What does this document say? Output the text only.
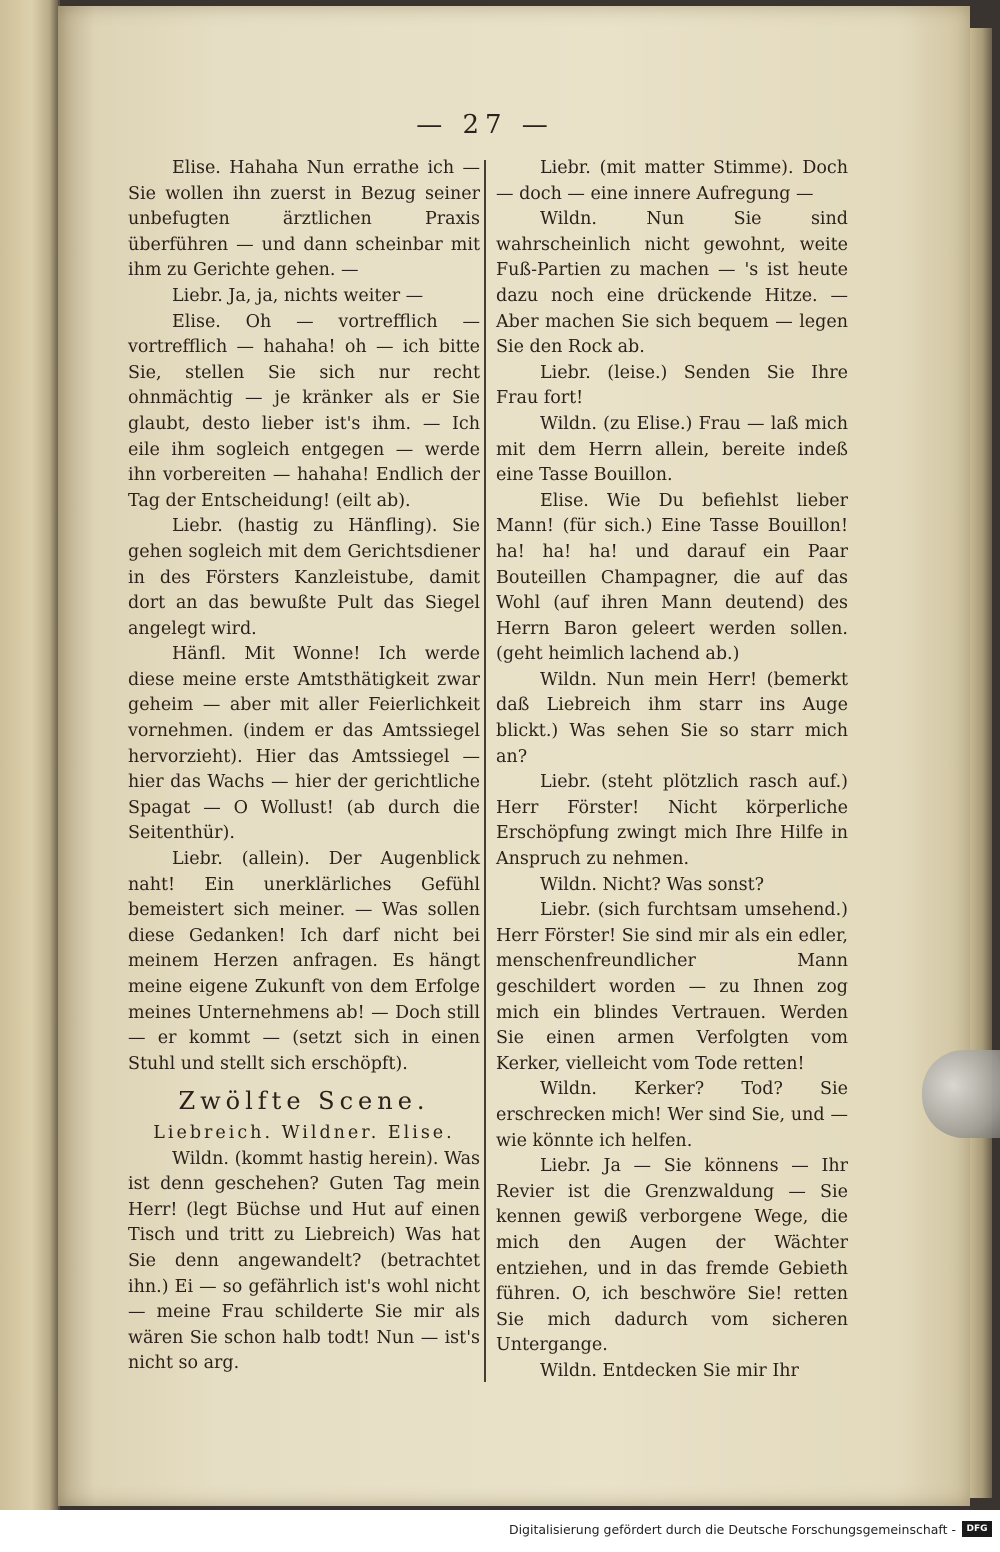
— 27 —

Elise. Hahaha Nun errathe ich — Sie wollen ihn zuerst in Bezug seiner unbefugten ärztlichen Praxis überführen — und dann scheinbar mit ihm zu Gerichte gehen. —

Liebr. Ja, ja, nichts weiter —

Elise. Oh — vortrefflich — vortrefflich — hahaha! oh — ich bitte Sie, stellen Sie sich nur recht ohnmächtig — je kränker als er Sie glaubt, desto lieber ist's ihm. — Ich eile ihm sogleich entgegen — werde ihn vorbereiten — hahaha! Endlich der Tag der Entscheidung! (eilt ab).

Liebr. (hastig zu Hänfling). Sie gehen sogleich mit dem Gerichtsdiener in des Försters Kanzleistube, damit dort an das bewußte Pult das Siegel angelegt wird.

Hänfl. Mit Wonne! Ich werde diese meine erste Amtsthätigkeit zwar geheim — aber mit aller Feierlichkeit vornehmen. (indem er das Amtssiegel hervorzieht). Hier das Amtssiegel — hier das Wachs — hier der gerichtliche Spagat — O Wollust! (ab durch die Seitenthür).

Liebr. (allein). Der Augenblick naht! Ein unerklärliches Gefühl bemeistert sich meiner. — Was sollen diese Gedanken! Ich darf nicht bei meinem Herzen anfragen. Es hängt meine eigene Zukunft von dem Erfolge meines Unternehmens ab! — Doch still — er kommt — (setzt sich in einen Stuhl und stellt sich erschöpft).

Zwölfte Scene.

Liebreich. Wildner. Elise.

Wildn. (kommt hastig herein). Was ist denn geschehen? Guten Tag mein Herr! (legt Büchse und Hut auf einen Tisch und tritt zu Liebreich) Was hat Sie denn angewandelt? (betrachtet ihn.) Ei — so gefährlich ist's wohl nicht — meine Frau schilderte Sie mir als wären Sie schon halb todt! Nun — ist's nicht so arg.

Liebr. (mit matter Stimme). Doch — doch — eine innere Aufregung —

Wildn. Nun Sie sind wahrscheinlich nicht gewohnt, weite Fuß-Partien zu machen — 's ist heute dazu noch eine drückende Hitze. — Aber machen Sie sich bequem — legen Sie den Rock ab.

Liebr. (leise.) Senden Sie Ihre Frau fort!

Wildn. (zu Elise.) Frau — laß mich mit dem Herrn allein, bereite indeß eine Tasse Bouillon.

Elise. Wie Du befiehlst lieber Mann! (für sich.) Eine Tasse Bouillon! ha! ha! ha! und darauf ein Paar Bouteillen Champagner, die auf das Wohl (auf ihren Mann deutend) des Herrn Baron geleert werden sollen. (geht heimlich lachend ab.)

Wildn. Nun mein Herr! (bemerkt daß Liebreich ihm starr ins Auge blickt.) Was sehen Sie so starr mich an?

Liebr. (steht plötzlich rasch auf.) Herr Förster! Nicht körperliche Erschöpfung zwingt mich Ihre Hilfe in Anspruch zu nehmen.

Wildn. Nicht? Was sonst?

Liebr. (sich furchtsam umsehend.) Herr Förster! Sie sind mir als ein edler, menschenfreundlicher Mann geschildert worden — zu Ihnen zog mich ein blindes Vertrauen. Werden Sie einen armen Verfolgten vom Kerker, vielleicht vom Tode retten!

Wildn. Kerker? Tod? Sie erschrecken mich! Wer sind Sie, und — wie könnte ich helfen.

Liebr. Ja — Sie könnens — Ihr Revier ist die Grenzwaldung — Sie kennen gewiß verborgene Wege, die mich den Augen der Wächter entziehen, und in das fremde Gebieth führen. O, ich beschwöre Sie! retten Sie mich dadurch vom sicheren Untergange.

Wildn. Entdecken Sie mir Ihr

Digitalisierung gefördert durch die Deutsche Forschungsgemeinschaft -	DFG
